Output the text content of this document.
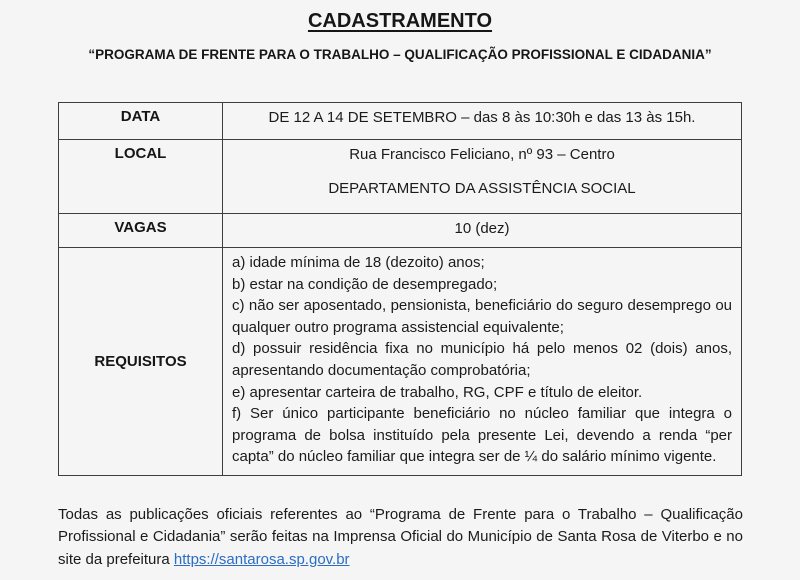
CADASTRAMENTO
“PROGRAMA DE FRENTE PARA O TRABALHO – QUALIFICAÇÃO PROFISSIONAL E CIDADANIA”
DATA	DE 12 A 14 DE SETEMBRO – das 8 às 10:30h e das 13 às 15h.
LOCAL	Rua Francisco Feliciano, nº 93 – Centro
DEPARTAMENTO DA ASSISTÊNCIA SOCIAL

VAGAS	10 (dez)
REQUISITOS	
a) idade mínima de 18 (dezoito) anos;
b) estar na condição de desempregado;
c) não ser aposentado, pensionista, beneficiário do seguro desemprego ou qualquer outro programa assistencial equivalente;
d) possuir residência fixa no município há pelo menos 02 (dois) anos, apresentando documentação comprobatória;
e) apresentar carteira de trabalho, RG, CPF e título de eleitor.
f) Ser único participante beneficiário no núcleo familiar que integra o programa de bolsa instituído pela presente Lei, devendo a renda “per capta” do núcleo familiar que integra ser de ¼ do salário mínimo vigente.

Todas as publicações oficiais referentes ao “Programa de Frente para o Trabalho – Qualificação Profissional e Cidadania” serão feitas na Imprensa Oficial do Município de Santa Rosa de Viterbo e no site da prefeitura https://santarosa.sp.gov.br
